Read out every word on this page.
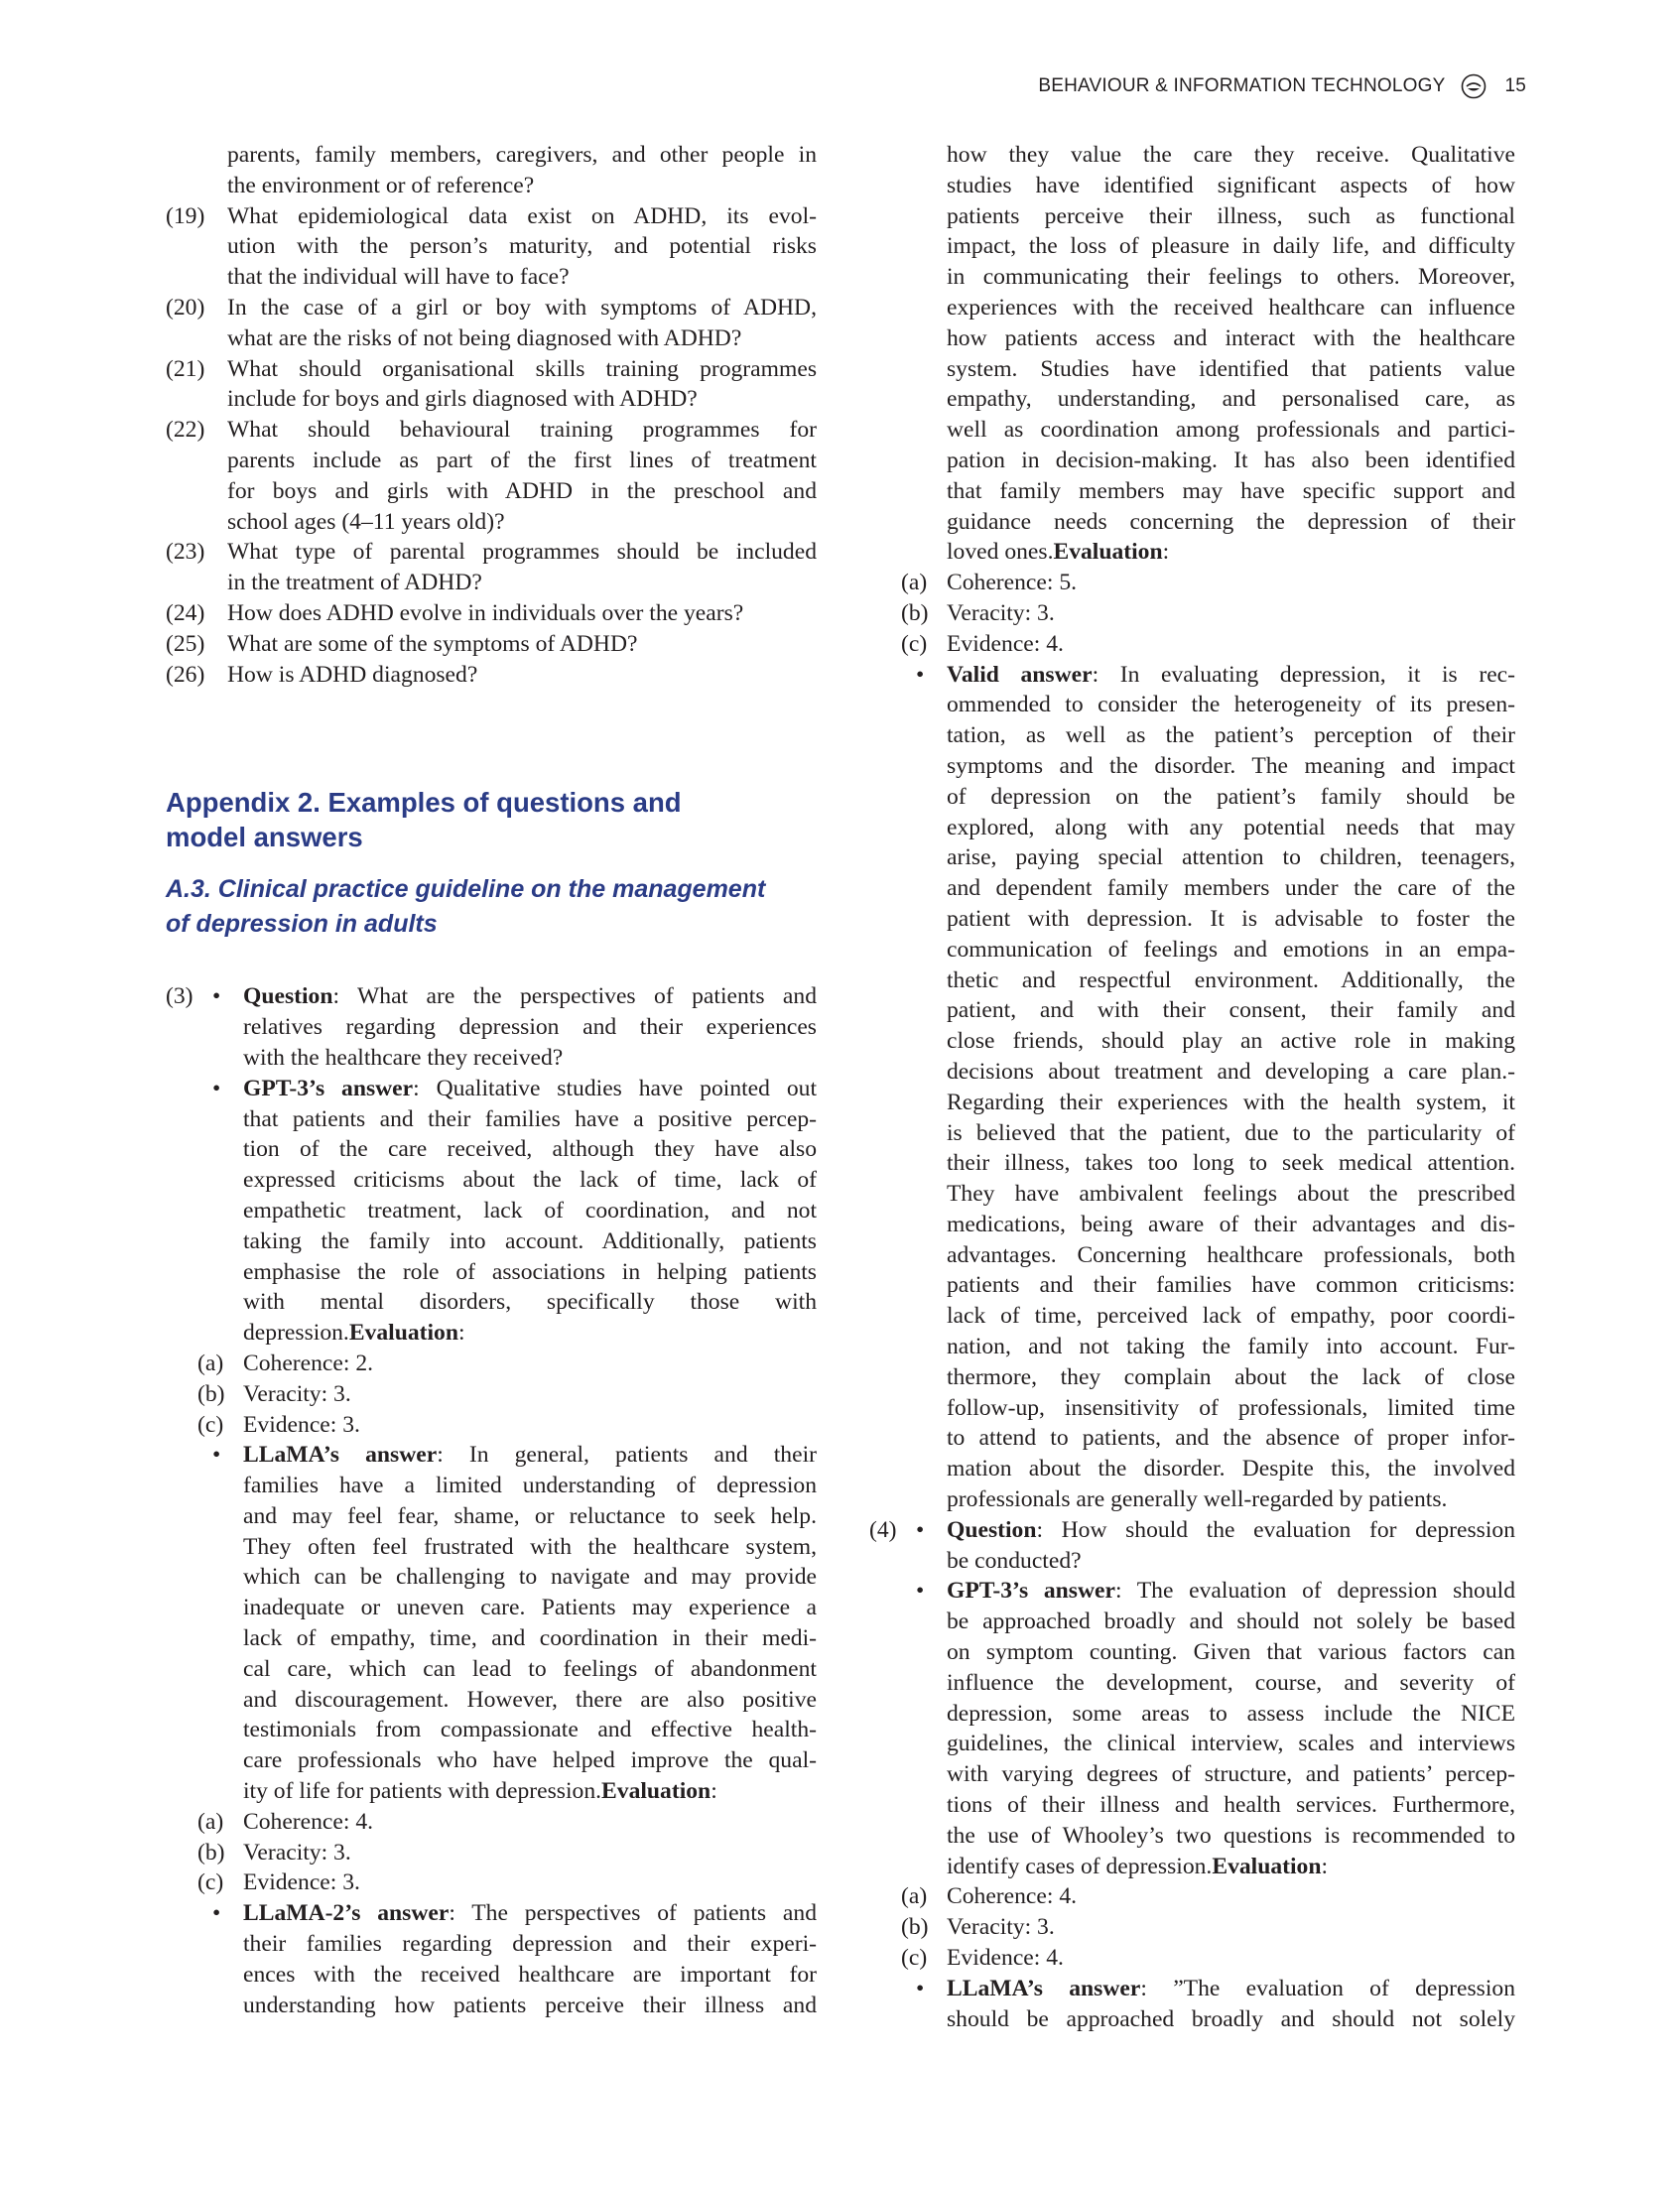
BEHAVIOUR & INFORMATION TECHNOLOGY	15
parents, family members, caregivers, and other people in
the environment or of reference?
(19) What epidemiological data exist on ADHD, its evol-
ution with the person’s maturity, and potential risks
that the individual will have to face?
(20) In the case of a girl or boy with symptoms of ADHD,
what are the risks of not being diagnosed with ADHD?
(21) What should organisational skills training programmes
include for boys and girls diagnosed with ADHD?
(22) What should behavioural training programmes for
parents include as part of the first lines of treatment
for boys and girls with ADHD in the preschool and
school ages (4–11 years old)?
(23) What type of parental programmes should be included
in the treatment of ADHD?
(24) How does ADHD evolve in individuals over the years?
(25) What are some of the symptoms of ADHD?
(26) How is ADHD diagnosed?
Appendix 2. Examples of questions and
model answers
A.3. Clinical practice guideline on the management
of depression in adults
(3) • Question: What are the perspectives of patients and
relatives regarding depression and their experiences
with the healthcare they received?
• GPT-3’s answer: Qualitative studies have pointed out
that patients and their families have a positive percep-
tion of the care received, although they have also
expressed criticisms about the lack of time, lack of
empathetic treatment, lack of coordination, and not
taking the family into account. Additionally, patients
emphasise the role of associations in helping patients
with mental disorders, specifically those with
depression.Evaluation:
(a) Coherence: 2.
(b) Veracity: 3.
(c) Evidence: 3.
• LLaMA’s answer: In general, patients and their
families have a limited understanding of depression
and may feel fear, shame, or reluctance to seek help.
They often feel frustrated with the healthcare system,
which can be challenging to navigate and may provide
inadequate or uneven care. Patients may experience a
lack of empathy, time, and coordination in their medi-
cal care, which can lead to feelings of abandonment
and discouragement. However, there are also positive
testimonials from compassionate and effective health-
care professionals who have helped improve the qual-
ity of life for patients with depression.Evaluation:
(a) Coherence: 4.
(b) Veracity: 3.
(c) Evidence: 3.
• LLaMA-2’s answer: The perspectives of patients and
their families regarding depression and their experi-
ences with the received healthcare are important for
understanding how patients perceive their illness and
how they value the care they receive. Qualitative
studies have identified significant aspects of how
patients perceive their illness, such as functional
impact, the loss of pleasure in daily life, and difficulty
in communicating their feelings to others. Moreover,
experiences with the received healthcare can influence
how patients access and interact with the healthcare
system. Studies have identified that patients value
empathy, understanding, and personalised care, as
well as coordination among professionals and partici-
pation in decision-making. It has also been identified
that family members may have specific support and
guidance needs concerning the depression of their
loved ones.Evaluation:
(a) Coherence: 5.
(b) Veracity: 3.
(c) Evidence: 4.
• Valid answer: In evaluating depression, it is rec-
ommended to consider the heterogeneity of its presen-
tation, as well as the patient’s perception of their
symptoms and the disorder. The meaning and impact
of depression on the patient’s family should be
explored, along with any potential needs that may
arise, paying special attention to children, teenagers,
and dependent family members under the care of the
patient with depression. It is advisable to foster the
communication of feelings and emotions in an empa-
thetic and respectful environment. Additionally, the
patient, and with their consent, their family and
close friends, should play an active role in making
decisions about treatment and developing a care plan.-
Regarding their experiences with the health system, it
is believed that the patient, due to the particularity of
their illness, takes too long to seek medical attention.
They have ambivalent feelings about the prescribed
medications, being aware of their advantages and dis-
advantages. Concerning healthcare professionals, both
patients and their families have common criticisms:
lack of time, perceived lack of empathy, poor coordi-
nation, and not taking the family into account. Fur-
thermore, they complain about the lack of close
follow-up, insensitivity of professionals, limited time
to attend to patients, and the absence of proper infor-
mation about the disorder. Despite this, the involved
professionals are generally well-regarded by patients.
(4) • Question: How should the evaluation for depression
be conducted?
• GPT-3’s answer: The evaluation of depression should
be approached broadly and should not solely be based
on symptom counting. Given that various factors can
influence the development, course, and severity of
depression, some areas to assess include the NICE
guidelines, the clinical interview, scales and interviews
with varying degrees of structure, and patients’ percep-
tions of their illness and health services. Furthermore,
the use of Whooley’s two questions is recommended to
identify cases of depression.Evaluation:
(a) Coherence: 4.
(b) Veracity: 3.
(c) Evidence: 4.
• LLaMA’s answer: ”The evaluation of depression
should be approached broadly and should not solely
